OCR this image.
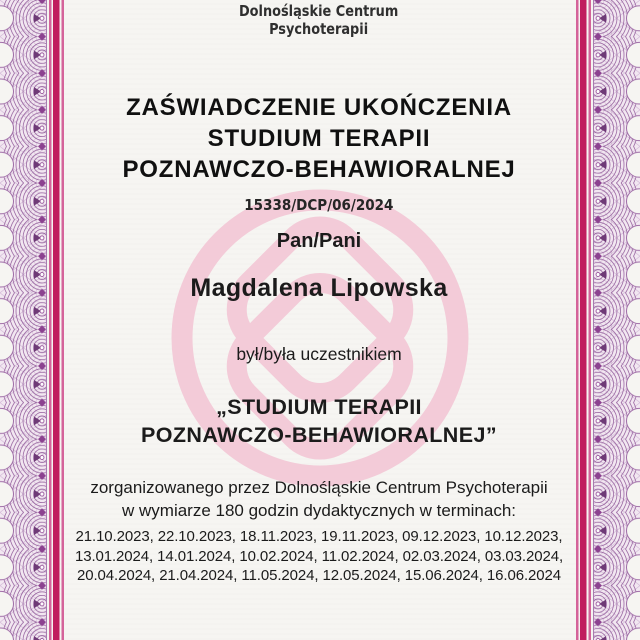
Dolnośląskie Centrum
Psychoterapii
ZAŚWIADCZENIE UKOŃCZENIA
STUDIUM TERAPII
POZNAWCZO-BEHAWIORALNEJ
15338/DCP/06/2024
Pan/Pani
Magdalena Lipowska
był/była uczestnikiem
„STUDIUM TERAPII
POZNAWCZO-BEHAWIORALNEJ”
zorganizowanego przez Dolnośląskie Centrum Psychoterapii
w wymiarze 180 godzin dydaktycznych w terminach:
21.10.2023, 22.10.2023, 18.11.2023, 19.11.2023, 09.12.2023, 10.12.2023,
13.01.2024, 14.01.2024, 10.02.2024, 11.02.2024, 02.03.2024, 03.03.2024,
20.04.2024, 21.04.2024, 11.05.2024, 12.05.2024, 15.06.2024, 16.06.2024
